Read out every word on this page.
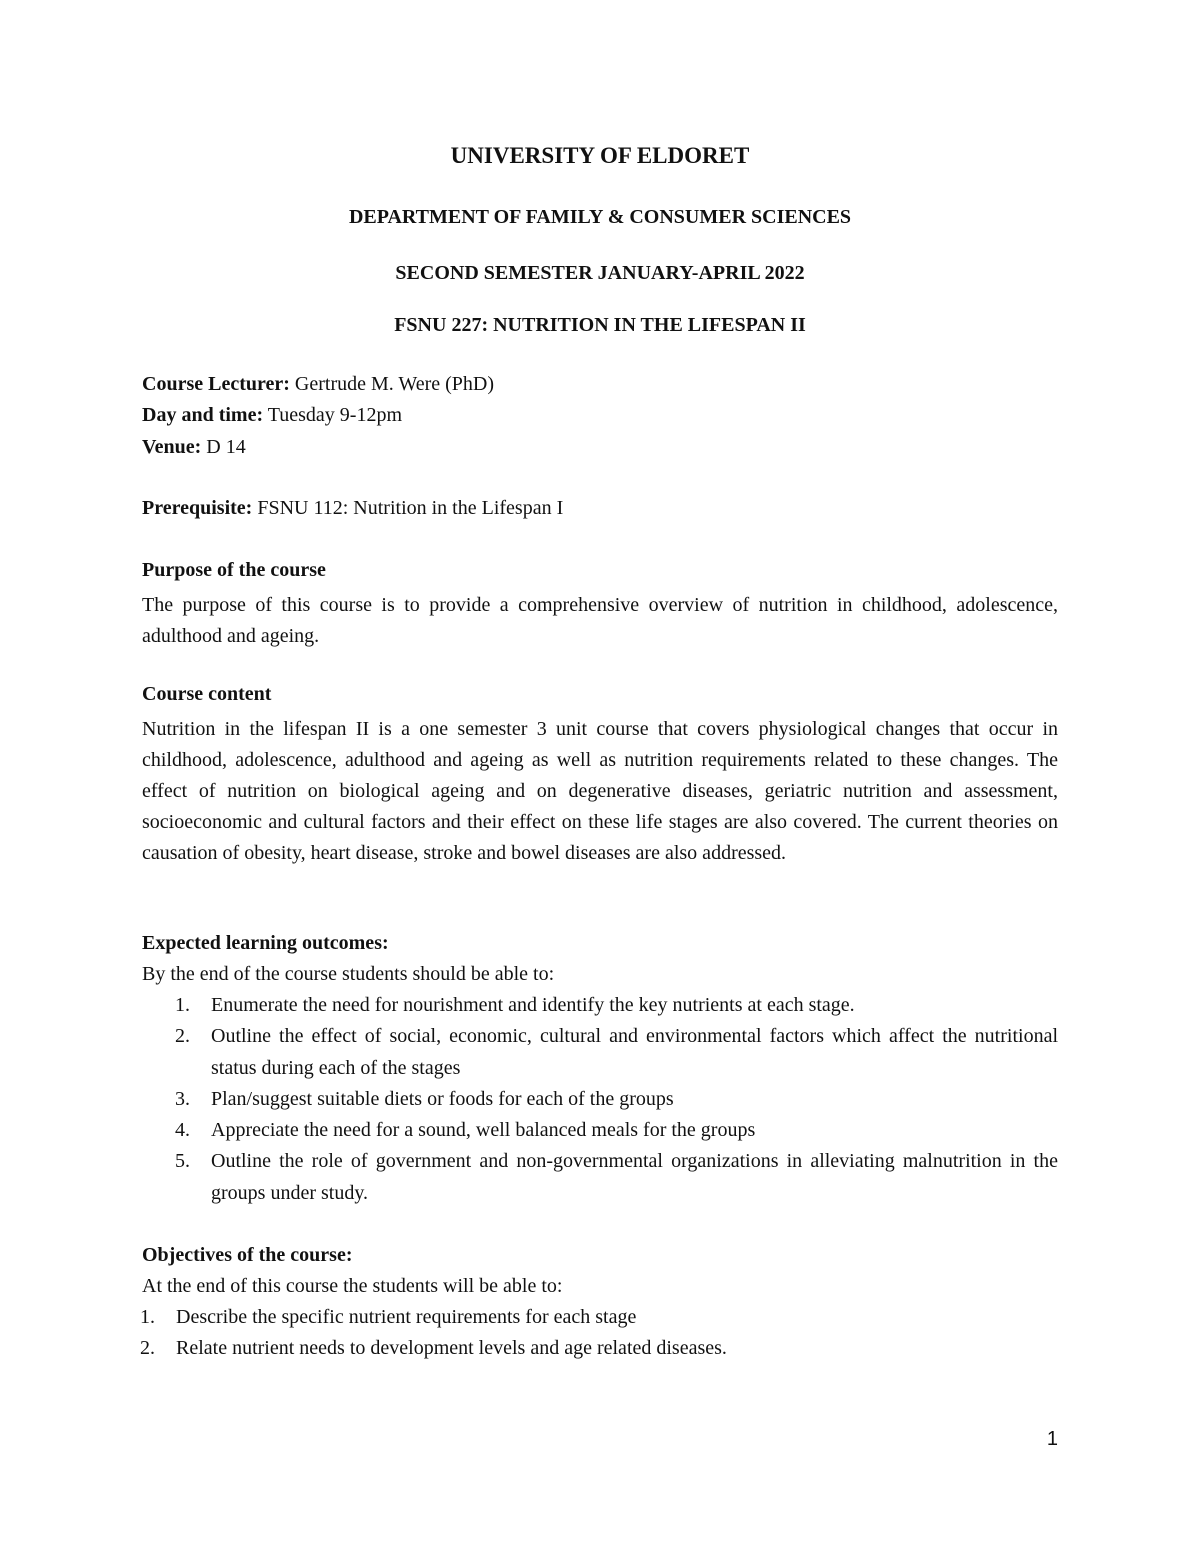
UNIVERSITY OF ELDORET

DEPARTMENT OF FAMILY & CONSUMER SCIENCES

SECOND SEMESTER JANUARY-APRIL 2022

FSNU 227: NUTRITION IN THE LIFESPAN II

Course Lecturer: Gertrude M. Were (PhD)

Day and time: Tuesday 9-12pm

Venue: D 14

Prerequisite: FSNU 112: Nutrition in the Lifespan I

Purpose of the course

The purpose of this course is to provide a comprehensive overview of nutrition in childhood, adolescence, adulthood and ageing.

Course content

Nutrition in the lifespan II is a one semester 3 unit course that covers physiological changes that occur in childhood, adolescence, adulthood and ageing as well as nutrition requirements related to these changes. The effect of nutrition on biological ageing and on degenerative diseases, geriatric nutrition and assessment, socioeconomic and cultural factors and their effect on these life stages are also covered. The current theories on causation of obesity, heart disease, stroke and bowel diseases are also addressed.

Expected learning outcomes:

By the end of the course students should be able to:

1. Enumerate the need for nourishment and identify the key nutrients at each stage.
2. Outline the effect of social, economic, cultural and environmental factors which affect the nutritional status during each of the stages
3. Plan/suggest suitable diets or foods for each of the groups
4. Appreciate the need for a sound, well balanced meals for the groups
5. Outline the role of government and non-governmental organizations in alleviating malnutrition in the groups under study.

Objectives of the course:

At the end of this course the students will be able to:

1. Describe the specific nutrient requirements for each stage
2. Relate nutrient needs to development levels and age related diseases.

1
